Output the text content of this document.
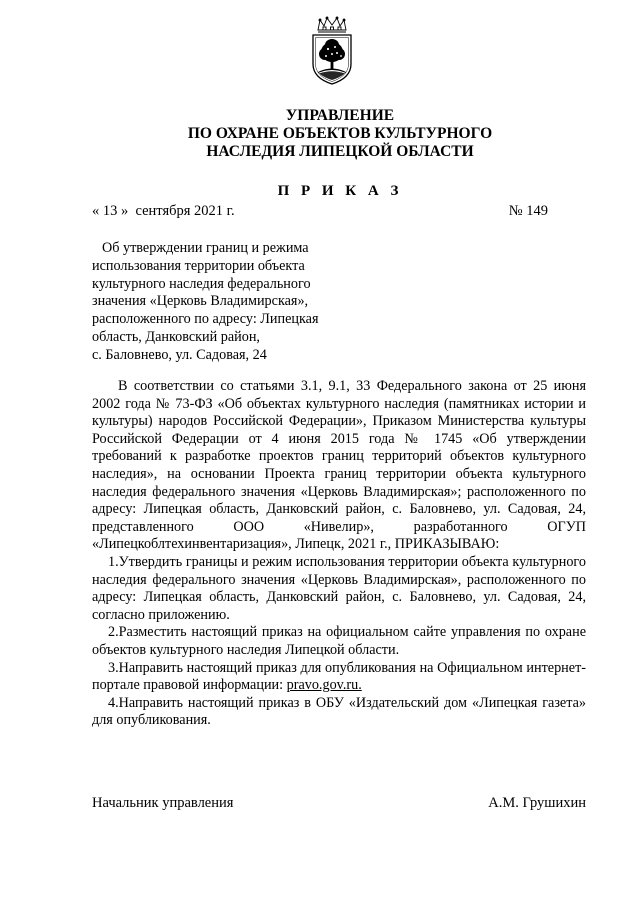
УПРАВЛЕНИЕ
ПО ОХРАНЕ ОБЪЕКТОВ КУЛЬТУРНОГО
НАСЛЕДИЯ ЛИПЕЦКОЙ ОБЛАСТИ
П Р И К А З
« 13 »  сентября 2021 г.	№ 149
Об утверждении границ и режима
использования территории объекта
культурного наследия федерального
значения «Церковь Владимирская»,
расположенного по адресу: Липецкая
область, Данковский район,
с. Баловнево, ул. Садовая, 24

В соответствии со статьями 3.1, 9.1, 33 Федерального закона от 25 июня 2002 года № 73-ФЗ «Об объектах культурного наследия (памятниках истории и культуры) народов Российской Федерации», Приказом Министерства культуры Российской Федерации от 4 июня 2015 года № 1745 «Об утверждении требований к разработке проектов границ территорий объектов культурного наследия», на основании Проекта границ территории объекта культурного наследия федерального значения «Церковь Владимирская»; расположенного по адресу: Липецкая область, Данковский район, с. Баловнево, ул. Садовая, 24, представленного ООО «Нивелир», разработанного ОГУП «Липецкоблтехинвентаризация», Липецк, 2021 г., ПРИКАЗЫВАЮ:

1.Утвердить границы и режим использования территории объекта культурного наследия федерального значения «Церковь Владимирская», расположенного по адресу: Липецкая область, Данковский район, с. Баловнево, ул. Садовая, 24, согласно приложению.

2.Разместить настоящий приказ на официальном сайте управления по охране объектов культурного наследия Липецкой области.

3.Направить настоящий приказ для опубликования на Официальном интернет-портале правовой информации: pravo.gov.ru.

4.Направить настоящий приказ в ОБУ «Издательский дом «Липецкая газета» для опубликования.

Начальник управления	А.М. Грушихин
